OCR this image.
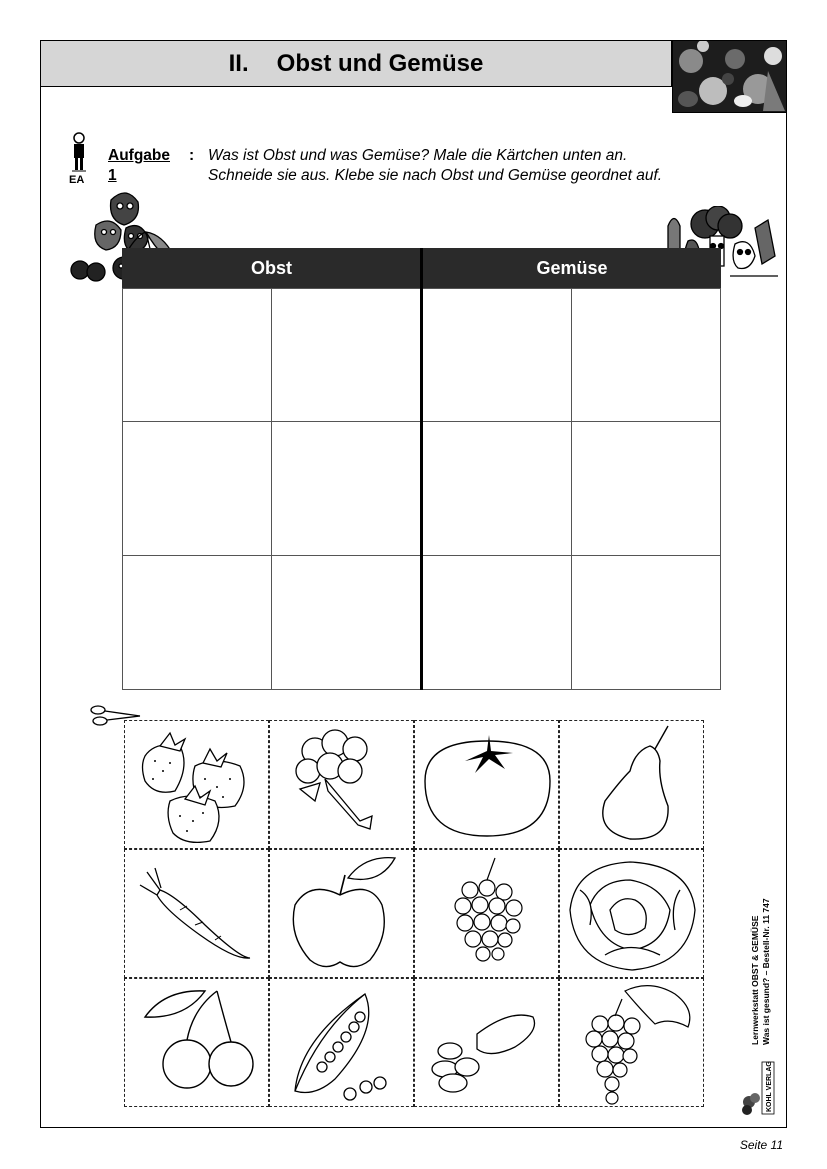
II. Obst und Gemüse
EA
Aufgabe 1
: Was ist Obst und was Gemüse? Male die Kärtchen unten an.
Schneide sie aus. Klebe sie nach Obst und Gemüse geordnet auf.
Obst	Gemüse
Lernwerkstatt OBST & GEMÜSE Was ist gesund? – Bestell-Nr. 11 747
KOHL VERLAG
Seite 11
